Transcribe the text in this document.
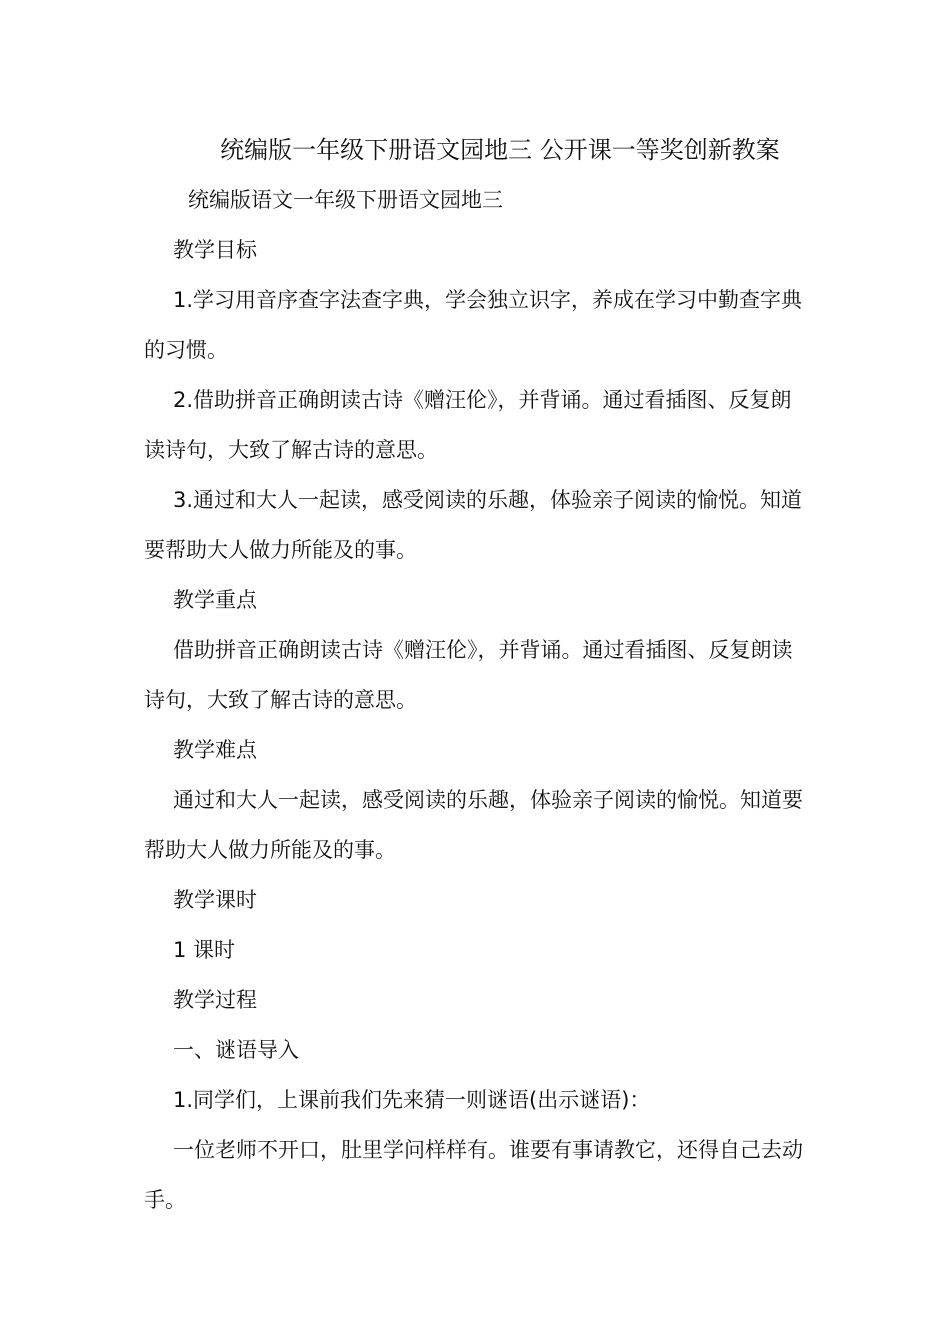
统编版一年级下册语文园地三 公开课一等奖创新教案

统编版语文一年级下册语文园地三

教学目标

1.学习用音序查字法查字典，学会独立识字，养成在学习中勤查字典的习惯。

2.借助拼音正确朗读古诗《赠汪伦》，并背诵。通过看插图、反复朗读诗句，大致了解古诗的意思。

3.通过和大人一起读，感受阅读的乐趣，体验亲子阅读的愉悦。知道要帮助大人做力所能及的事。

教学重点

借助拼音正确朗读古诗《赠汪伦》，并背诵。通过看插图、反复朗读诗句，大致了解古诗的意思。

教学难点

通过和大人一起读，感受阅读的乐趣，体验亲子阅读的愉悦。知道要帮助大人做力所能及的事。

教学课时

1 课时

教学过程

一、谜语导入

1.同学们，上课前我们先来猜一则谜语(出示谜语)：

一位老师不开口，肚里学问样样有。谁要有事请教它，还得自己去动手。
